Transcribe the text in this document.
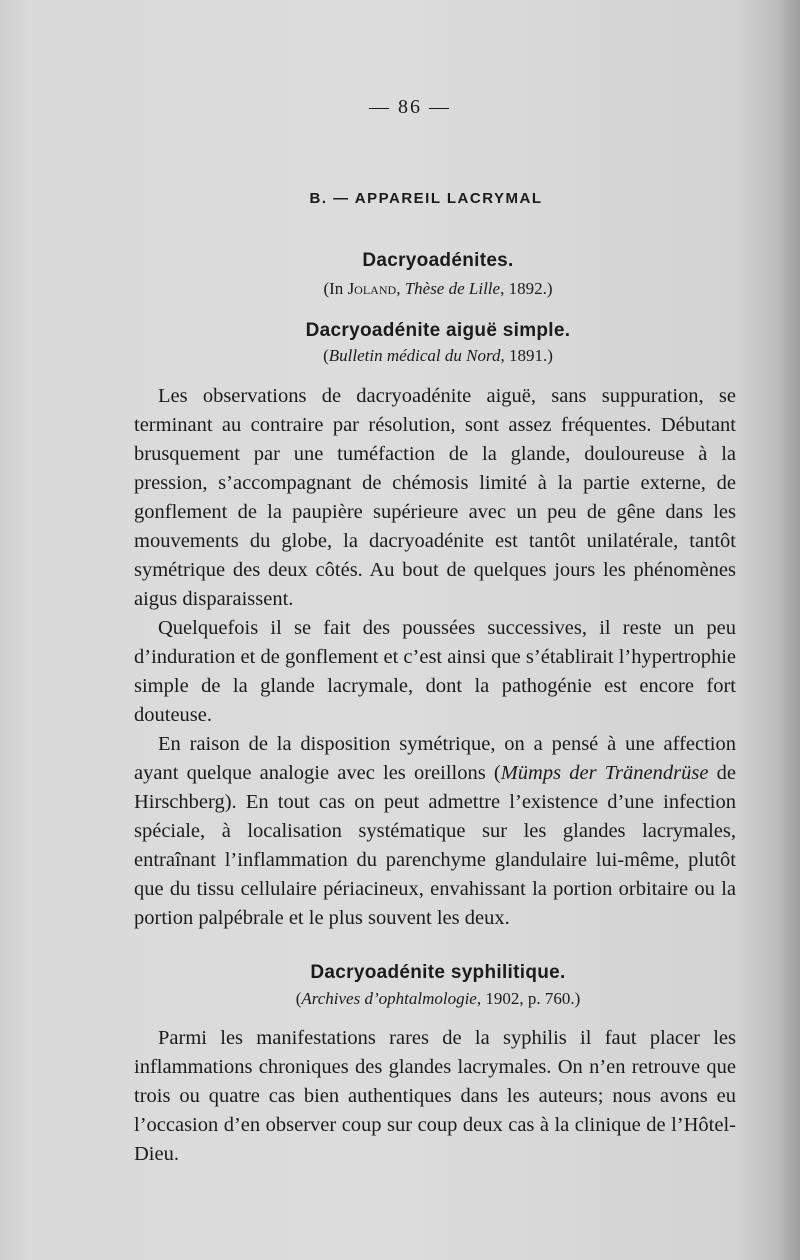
— 86 —
B. — APPAREIL LACRYMAL
Dacryoadénites.
(In Joland, Thèse de Lille, 1892.)
Dacryoadénite aiguë simple.
(Bulletin médical du Nord, 1891.)

Les observations de dacryoadénite aiguë, sans suppuration, se terminant au contraire par résolution, sont assez fréquentes. Débutant brusquement par une tuméfaction de la glande, douloureuse à la pression, s’accompagnant de chémosis limité à la partie externe, de gonflement de la paupière supérieure avec un peu de gêne dans les mouvements du globe, la dacryoadénite est tantôt unilatérale, tantôt symétrique des deux côtés. Au bout de quelques jours les phénomènes aigus disparaissent.

Quelquefois il se fait des poussées successives, il reste un peu d’induration et de gonflement et c’est ainsi que s’établirait l’hypertrophie simple de la glande lacrymale, dont la pathogénie est encore fort douteuse.

En raison de la disposition symétrique, on a pensé à une affection ayant quelque analogie avec les oreillons (Mümps der Tränendrüse de Hirschberg). En tout cas on peut admettre l’existence d’une infection spéciale, à localisation systématique sur les glandes lacrymales, entraînant l’inflammation du parenchyme glandulaire lui-même, plutôt que du tissu cellulaire périacineux, envahissant la portion orbitaire ou la portion palpébrale et le plus souvent les deux.

Dacryoadénite syphilitique.
(Archives d’ophtalmologie, 1902, p. 760.)

Parmi les manifestations rares de la syphilis il faut placer les inflammations chroniques des glandes lacrymales. On n’en retrouve que trois ou quatre cas bien authentiques dans les auteurs; nous avons eu l’occasion d’en observer coup sur coup deux cas à la clinique de l’Hôtel-Dieu.
